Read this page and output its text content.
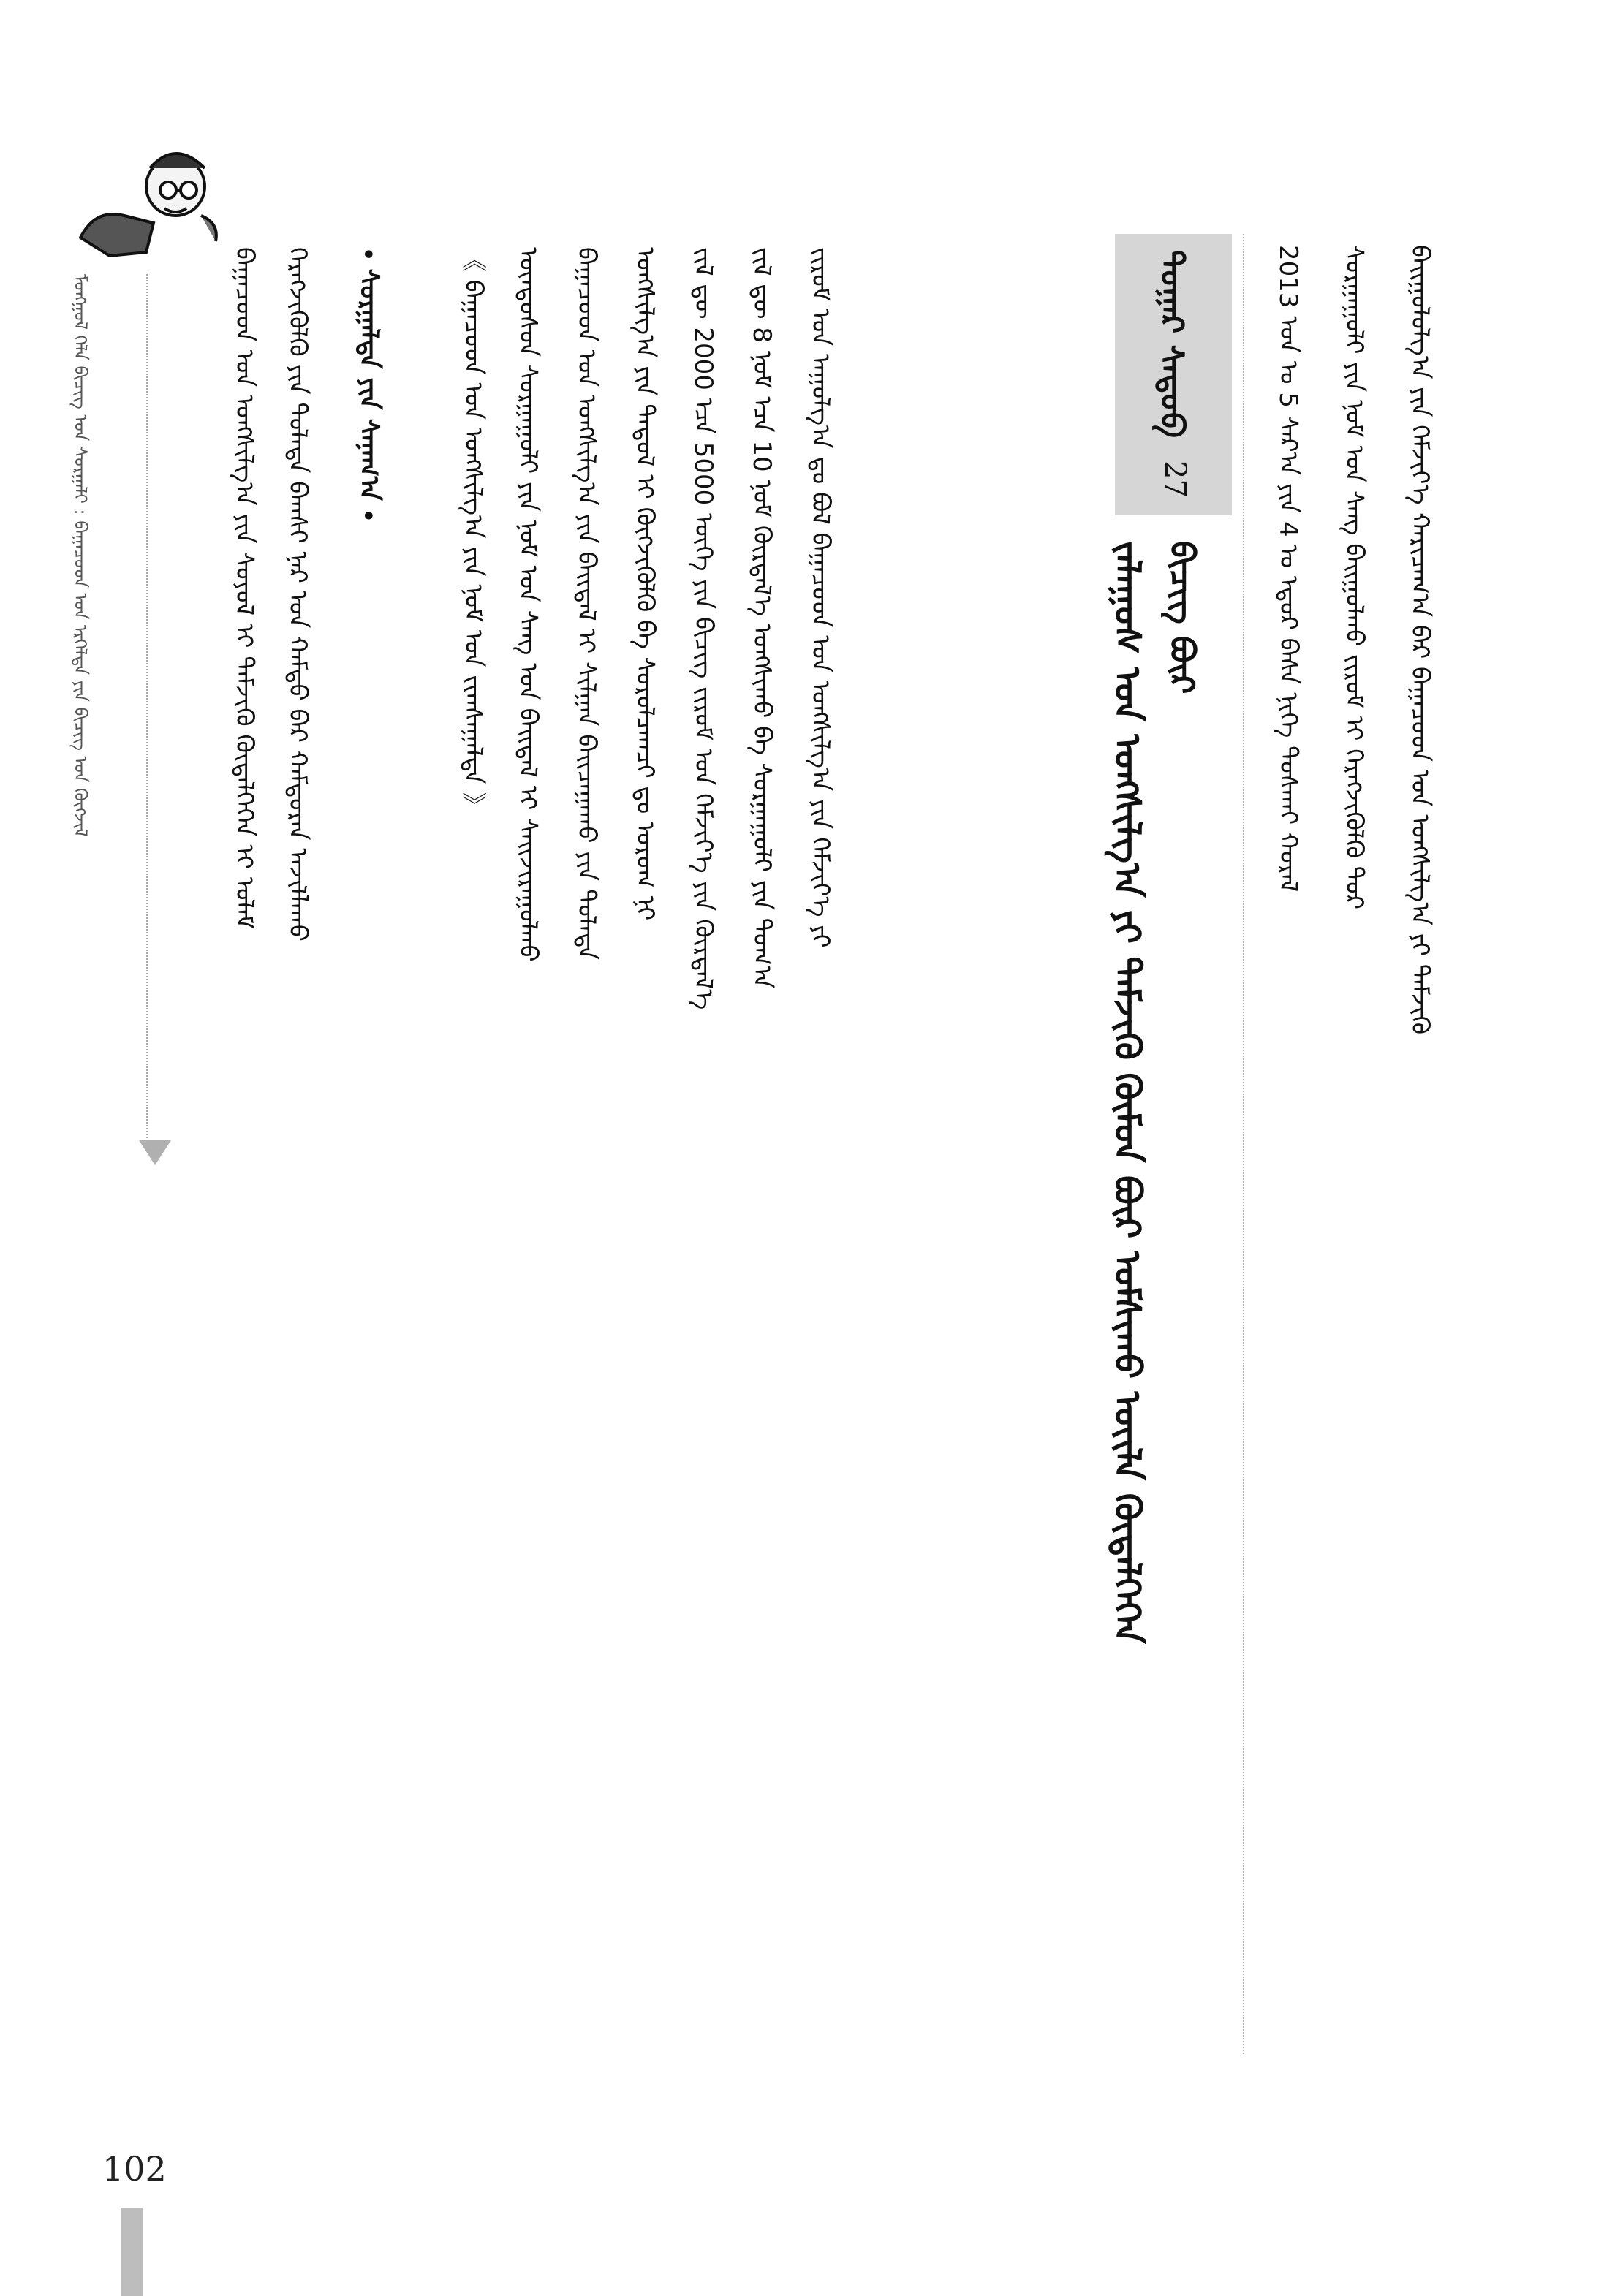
ᠮᠣᠩᠭᠣᠯ ᠬᠡᠯᠡ ᠪᠢᠴᠢᠭ ᠤᠨ ᠰᠤᠷᠭᠠᠯᠢ : ᠪᠠᠭᠠᠴᠤᠳ ᠤᠨ ᠡᠷᠭᠡᠯᠲᠡ ᠶᠢᠨ ᠪᠢᠴᠢᠭ ᠤᠨ ᠬᠥᠭᠵᠢᠯ	ᠪᠠᠭᠠᠴᠤᠳ ᠤᠨ ᠤᠩᠰᠢᠯᠭ᠎ᠠ ᠶᠢᠨ ᠰᠣᠶᠣᠯ ᠢ ᠳᠡᠮᠵᠢᠬᠦ ᠬᠥᠳᠡᠯᠭᠡᠭᠡᠨ ᠢ ᠤᠯᠠᠮ ᠬᠡᠷᠡᠭᠵᠢᠭᠦᠯᠬᠦ ᠶᠢᠨ ᠲᠤᠯᠠᠳᠠ ᠪᠠᠭᠰᠢ ᠨᠠᠷ ᠤᠨ ᠬᠠᠮᠲᠤ ᠪᠠᠷ ᠬᠠᠮᠲᠤᠷᠠᠨ ᠠᠵᠢᠯᠯᠠᠬᠤ • ᠰᠤᠷᠭᠠᠯᠲᠠ ᠶᠢᠨ ᠰᠠᠨᠠᠭ᠎ᠠ •	《 ᠪᠠᠭᠠᠴᠤᠳ ᠤᠨ ᠤᠩᠰᠢᠯᠭ᠎ᠠ ᠶᠢᠨ ᠨᠣᠮ ᠤᠨ ᠵᠢᠭᠰᠠᠭᠠᠯᠲᠠ 》 ᠦᠨᠳᠦᠰᠦᠨ ᠰᠤᠷᠭᠠᠭᠤᠯᠢ ᠶᠢᠨ ᠨᠣᠮ ᠤᠨ ᠰᠠᠩ ᠤᠨ ᠪᠠᠢᠳᠠᠯ ᠢ ᠰᠠᠢᠵᠢᠷᠠᠭᠤᠯᠬᠤ ᠪᠠᠭᠠᠴᠤᠳ ᠤᠨ ᠤᠩᠰᠢᠯᠭ᠎ᠠ ᠶᠢᠨ ᠪᠠᠢᠳᠠᠯ ᠢ ᠰᠢᠯᠭᠠᠨ ᠪᠠᠢᠴᠠᠭᠠᠬᠤ ᠶᠢᠨ ᠲᠤᠯᠠᠳᠠ ᠤᠩᠰᠢᠯᠭ᠎ᠠ ᠶᠢᠨ ᠳᠠᠳᠤᠯ ᠢ ᠬᠥᠭᠵᠢᠭᠦᠯᠬᠦ ᠪᠠ ᠰᠤᠷᠤᠯᠴᠠᠭᠴᠢ ᠳᠤ ᠤᠷᠤᠭ ᠨᠢ ᠵᠢᠯ ᠳᠦ 2000 ᠡᠴᠡ 5000 ᠦᠭᠡ ᠶᠢᠨ ᠪᠢᠴᠢᠭ ᠵᠢᠷᠤᠮ ᠤᠨ ᠬᠡᠮᠵᠢᠶ᠎ᠡ ᠶᠢᠨ ᠬᠦᠷᠲᠡᠯ᠎ᠡ ᠵᠢᠯ ᠳᠦ 8 ᠨᠣᠮ ᠡᠴᠡ 10 ᠨᠣᠮ ᠬᠦᠷᠲᠡᠯ᠎ᠡ ᠤᠩᠰᠢᠬᠤ ᠪᠠ ᠰᠤᠷᠭᠠᠭᠤᠯᠢ ᠶᠢᠨ ᠲᠣᠭ᠎ᠠ ᠵᠢᠷᠤᠮ ᠤᠨ ᠠᠭᠤᠯᠭ᠎ᠠ ᠳᠤ ᠪᠣᠯ ᠪᠠᠭᠠᠴᠤᠳ ᠤᠨ ᠤᠩᠰᠢᠯᠭ᠎ᠠ ᠶᠢᠨ ᠬᠡᠮᠵᠢᠶ᠎ᠡ ᠶᠢ	ᠪᠢᠴᠢᠭ ᠪᠦᠷ
ᠵᠠᠯᠠᠭᠤᠰ ᠤᠨ ᠤᠩᠰᠢᠯᠭ᠎ᠠ ᠶᠢ ᠳᠡᠮᠵᠢᠬᠦ ᠬᠥᠮᠥᠨ ᠪᠦᠷ ᠤᠮᠰᠢᠬᠤ ᠦᠢᠯᠡ ᠬᠥᠳᠡᠯᠭᠡᠭᠡᠨ
ᠳᠤᠭᠠᠷ ᠰᠡᠳᠦᠪ
27	2013 ᠣᠨ ᠤ 5 ᠰᠠᠷ᠎ᠠ ᠶᠢᠨ 4 ᠤ ᠡᠳᠦᠷ ᠪᠠᠰᠠ ᠨᠢᠭᠡ ᠲᠤᠰᠬᠠᠢ ᠬᠤᠷᠠᠯ ᠰᠤᠷᠭᠠᠭᠤᠯᠢ ᠶᠢᠨ ᠨᠣᠮ ᠤᠨ ᠰᠠᠩ ᠪᠠᠢᠭᠤᠯᠬᠤ ᠵᠢᠷᠤᠮ ᠢ ᠬᠡᠷᠡᠭᠵᠢᠭᠦᠯᠬᠦ ᠳᠤᠷ ᠪᠠᠢᠭᠤᠯᠤᠯᠭ᠎ᠠ ᠶᠢᠨ ᠬᠡᠮᠵᠢᠶ᠎ᠡ ᠬᠠᠷᠢᠴᠠᠭ᠎ᠠ ᠪᠠᠷ ᠪᠠᠭᠠᠴᠤᠳ ᠤᠨ ᠤᠩᠰᠢᠯᠭ᠎ᠠ ᠶᠢ ᠳᠡᠮᠵᠢᠬᠦ
102
